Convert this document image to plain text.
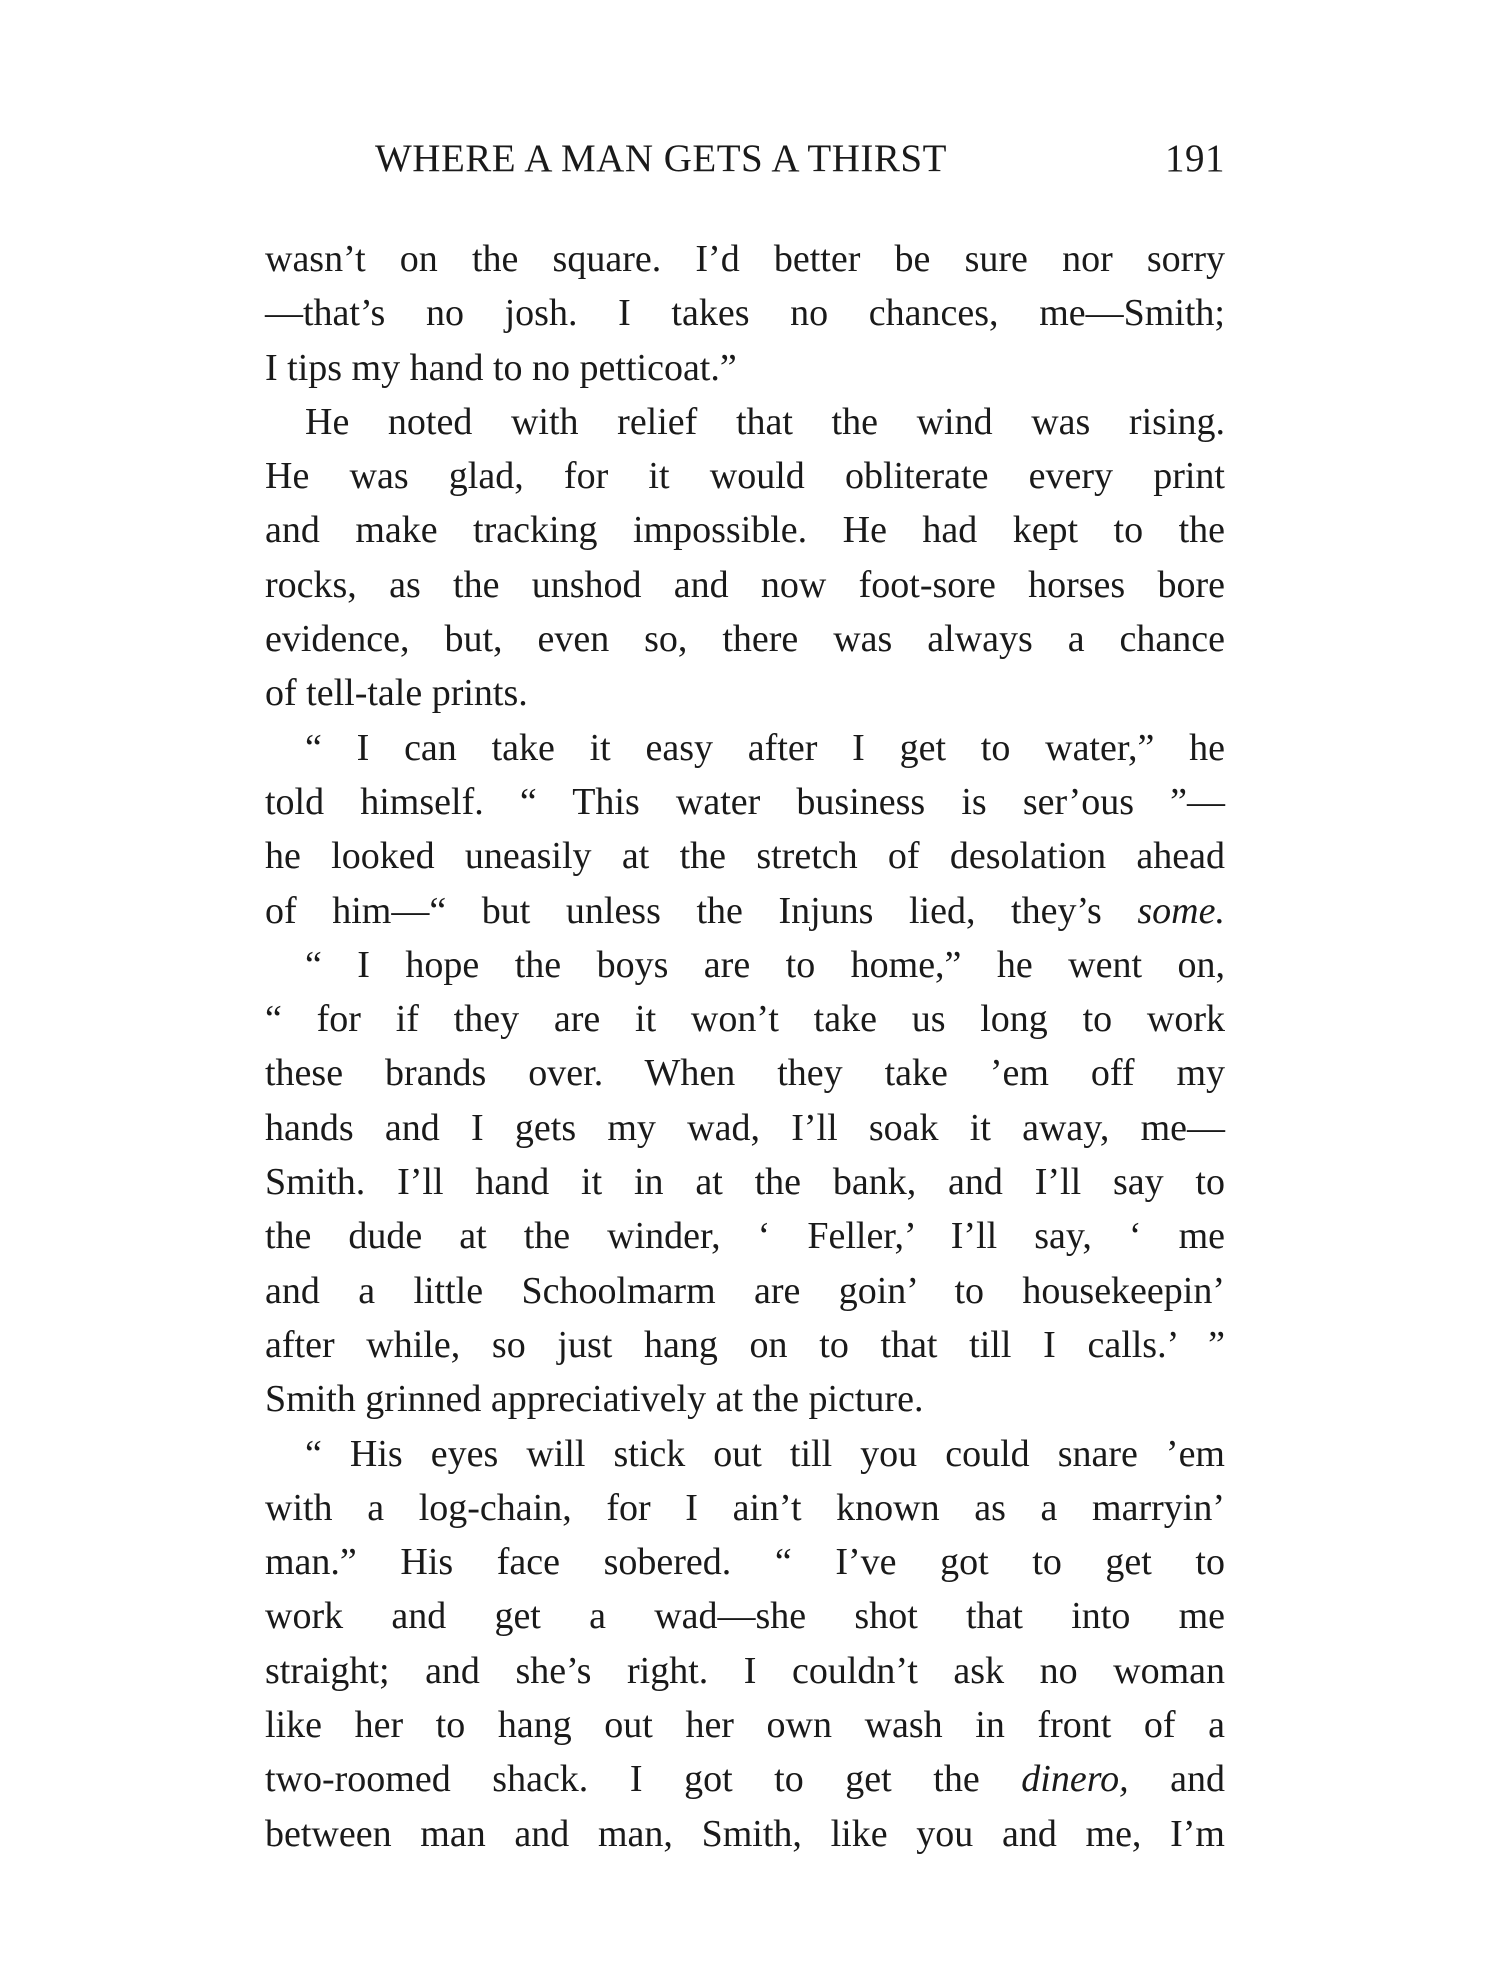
WHERE A MAN GETS A THIRST	191
wasn’t on the square. I’d better be sure nor sorry
—that’s no josh. I takes no chances, me—Smith;
I tips my hand to no petticoat.”
He noted with relief that the wind was rising.
He was glad, for it would obliterate every print
and make tracking impossible. He had kept to the
rocks, as the unshod and now foot-sore horses bore
evidence, but, even so, there was always a chance
of tell-tale prints.
“ I can take it easy after I get to water,” he
told himself. “ This water business is ser’ous ”—
he looked uneasily at the stretch of desolation ahead
of him—“ but unless the Injuns lied, they’s some.
“ I hope the boys are to home,” he went on,
“ for if they are it won’t take us long to work
these brands over. When they take ’em off my
hands and I gets my wad, I’ll soak it away, me—
Smith. I’ll hand it in at the bank, and I’ll say to
the dude at the winder, ‘ Feller,’ I’ll say, ‘ me
and a little Schoolmarm are goin’ to housekeepin’
after while, so just hang on to that till I calls.’ ”
Smith grinned appreciatively at the picture.
“ His eyes will stick out till you could snare ’em
with a log-chain, for I ain’t known as a marryin’
man.” His face sobered. “ I’ve got to get to
work and get a wad—she shot that into me
straight; and she’s right. I couldn’t ask no woman
like her to hang out her own wash in front of a
two-roomed shack. I got to get the dinero, and
between man and man, Smith, like you and me, I’m
